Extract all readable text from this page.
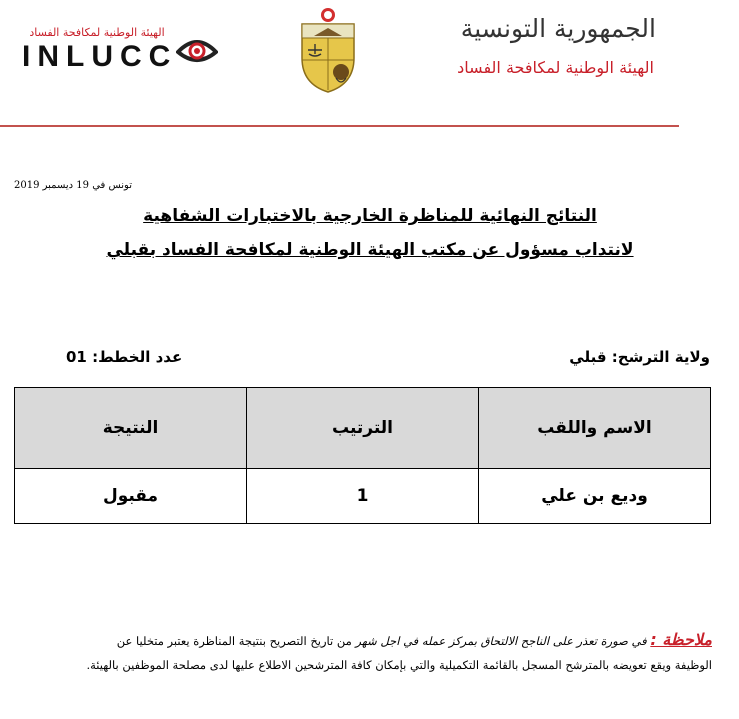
الهيئة الوطنية لمكافحة الفساد
INLUCC
الجمهورية التونسية
الهيئة الوطنية لمكافحة الفساد
تونس في 19 ديسمبر 2019
النتائج النهائية للمناظرة الخارجية بالاختبارات الشفاهية
لانتداب مسؤول عن مكتب الهيئة الوطنية لمكافحة الفساد بقبلي
ولاية الترشح: قبلي
عدد الخطط: 01
النتيجة	الترتيب	الاسم واللقب
مقبول	1	وديع بن علي
ملاحظة : في صورة تعذر على الناجح الالتحاق بمركز عمله في اجل شهر من تاريخ التصريح بنتيجة المناظرة يعتبر متخليا عن
الوظيفة ويقع تعويضه بالمترشح المسجل بالقائمة التكميلية والتي بإمكان كافة المترشحين الاطلاع عليها لدى مصلحة الموظفين بالهيئة.
